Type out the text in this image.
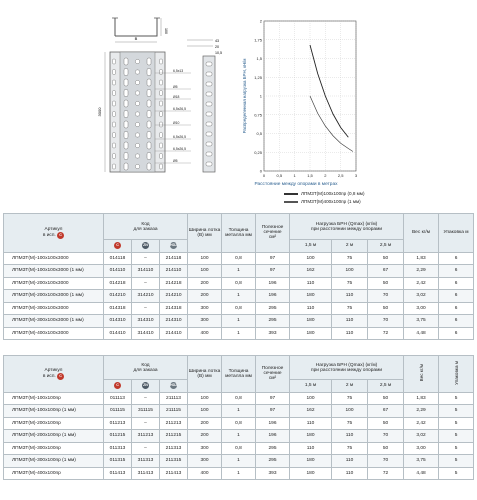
B
100
43
20
10,5
3000
6,5x13
Ø5
Ø18
6,5x26,5
Ø10
6,5x26,5
6,5x26,5
Ø5
0
0,25
0,5
0,75
1
1,25
1,5
1,75
2
0	0,5	1	1,5	2	2,5	3
Распределенная нагрузка БРН, кН/м
Расстояние между опорами в метрах
ЛПМЗТ(М)100х100пр (0,8 мм)
ЛПМЗТ(М)400х100пр (1 мм)
Артикул
в исп. С	Код
для заказа			Ширина лотка (В) мм	Толщина металла мм	Полезное сечение
см²	Нагрузка БРН (Qmax) (кг/м)
при расстоянии между опорами			Вес кг/м	Упаковка м
	С	ZN	HDZ				1,5 м	2 м	2,5 м		
ЛПМЗТ(М)-100х100х3000	014118	–	214118	100	0,8	97	100	75	50	1,83	6
ЛПМЗТ(М)-100х100х3000 (1 мм)	014110	314110	214110	100	1	97	162	100	67	2,29	6
ЛПМЗТ(М)-200х100х3000	014218	–	214218	200	0,8	196	110	75	50	2,42	6
ЛПМЗТ(М)-200х100х3000 (1 мм)	014210	314210	214210	200	1	196	180	110	70	3,02	6
ЛПМЗТ(М)-300х100х3000	014318	–	214318	300	0,8	295	110	75	50	3,00	6
ЛПМЗТ(М)-300х100х3000 (1 мм)	014310	314310	214310	300	1	295	180	110	70	3,75	6
ЛПМЗТ(М)-400х100х3000	014410	314410	214410	400	1	393	180	110	72	4,48	6
Артикул
в исп. С	Код
для заказа			Ширина лотка (В) мм	Толщина металла мм	Полезное сечение
см²	Нагрузка БРН (Qmax) (кг/м)
при расстоянии между опорами			Вес кг/м	Упаковка м
	С	ZN	HDZ				1,5 м	2 м	2,5 м		
ЛПМЗТ(М)-100х100пр	011113	–	211113	100	0,8	97	100	75	50	1,83	5
ЛПМЗТ(М)-100х100пр (1 мм)	011115	311115	211115	100	1	97	162	100	67	2,29	5
ЛПМЗТ(М)-200х100пр	011213	–	211213	200	0,8	196	110	75	50	2,42	5
ЛПМЗТ(М)-200х100пр (1 мм)	011215	311213	211215	200	1	196	180	110	70	3,02	5
ЛПМЗТ(М)-300х100пр	011313	–	211313	300	0,8	295	110	75	50	3,00	5
ЛПМЗТ(М)-300х100пр (1 мм)	011315	311313	211315	300	1	295	180	110	70	3,75	5
ЛПМЗТ(М)-400х100пр	011413	311413	211413	400	1	393	180	110	72	4,48	5
